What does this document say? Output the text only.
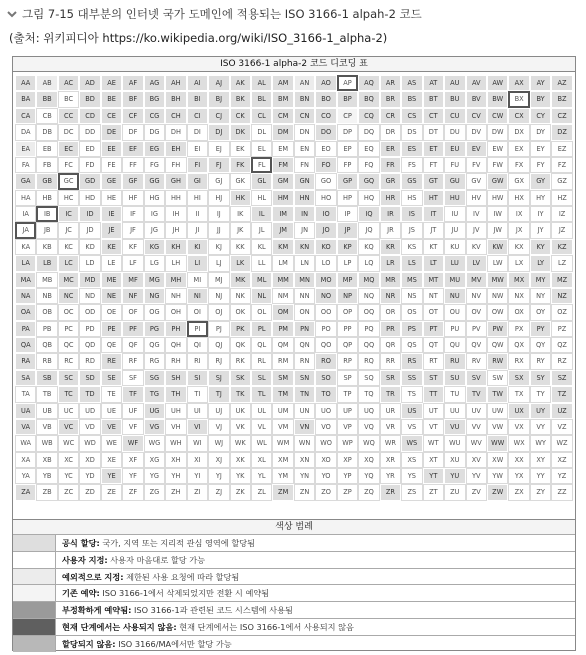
그림 7-15 대부분의 인터넷 국가 도메인에 적용되는 ISO 3166-1 alpah-2 코드
(출처: 위키피디아 https://ko.wikipedia.org/wiki/ISO_3166-1_alpha-2)
ISO 3166-1 alpha-2 코드 디코딩 표
AA	AB	AC	AD	AE	AF	AG	AH	AI	AJ	AK	AL	AM	AN	AO	AP	AQ	AR	AS	AT	AU	AV	AW	AX	AY	AZ
BA	BB	BC	BD	BE	BF	BG	BH	BI	BJ	BK	BL	BM	BN	BO	BP	BQ	BR	BS	BT	BU	BV	BW	BX	BY	BZ
CA	CB	CC	CD	CE	CF	CG	CH	CI	CJ	CK	CL	CM	CN	CO	CP	CQ	CR	CS	CT	CU	CV	CW	CX	CY	CZ
DA	DB	DC	DD	DE	DF	DG	DH	DI	DJ	DK	DL	DM	DN	DO	DP	DQ	DR	DS	DT	DU	DV	DW	DX	DY	DZ
EA	EB	EC	ED	EE	EF	EG	EH	EI	EJ	EK	EL	EM	EN	EO	EP	EQ	ER	ES	ET	EU	EV	EW	EX	EY	EZ
FA	FB	FC	FD	FE	FF	FG	FH	FI	FJ	FK	FL	FM	FN	FO	FP	FQ	FR	FS	FT	FU	FV	FW	FX	FY	FZ
GA	GB	GC	GD	GE	GF	GG	GH	GI	GJ	GK	GL	GM	GN	GO	GP	GQ	GR	GS	GT	GU	GV	GW	GX	GY	GZ
HA	HB	HC	HD	HE	HF	HG	HH	HI	HJ	HK	HL	HM	HN	HO	HP	HQ	HR	HS	HT	HU	HV	HW	HX	HY	HZ
IA	IB	IC	ID	IE	IF	IG	IH	II	IJ	IK	IL	IM	IN	IO	IP	IQ	IR	IS	IT	IU	IV	IW	IX	IY	IZ
JA	JB	JC	JD	JE	JF	JG	JH	JI	JJ	JK	JL	JM	JN	JO	JP	JQ	JR	JS	JT	JU	JV	JW	JX	JY	JZ
KA	KB	KC	KD	KE	KF	KG	KH	KI	KJ	KK	KL	KM	KN	KO	KP	KQ	KR	KS	KT	KU	KV	KW	KX	KY	KZ
LA	LB	LC	LD	LE	LF	LG	LH	LI	LJ	LK	LL	LM	LN	LO	LP	LQ	LR	LS	LT	LU	LV	LW	LX	LY	LZ
MA	MB	MC	MD	ME	MF	MG	MH	MI	MJ	MK	ML	MM	MN	MO	MP	MQ	MR	MS	MT	MU	MV	MW	MX	MY	MZ
NA	NB	NC	ND	NE	NF	NG	NH	NI	NJ	NK	NL	NM	NN	NO	NP	NQ	NR	NS	NT	NU	NV	NW	NX	NY	NZ
OA	OB	OC	OD	OE	OF	OG	OH	OI	OJ	OK	OL	OM	ON	OO	OP	OQ	OR	OS	OT	OU	OV	OW	OX	OY	OZ
PA	PB	PC	PD	PE	PF	PG	PH	PI	PJ	PK	PL	PM	PN	PO	PP	PQ	PR	PS	PT	PU	PV	PW	PX	PY	PZ
QA	QB	QC	QD	QE	QF	QG	QH	QI	QJ	QK	QL	QM	QN	QO	QP	QQ	QR	QS	QT	QU	QV	QW	QX	QY	QZ
RA	RB	RC	RD	RE	RF	RG	RH	RI	RJ	RK	RL	RM	RN	RO	RP	RQ	RR	RS	RT	RU	RV	RW	RX	RY	RZ
SA	SB	SC	SD	SE	SF	SG	SH	SI	SJ	SK	SL	SM	SN	SO	SP	SQ	SR	SS	ST	SU	SV	SW	SX	SY	SZ
TA	TB	TC	TD	TE	TF	TG	TH	TI	TJ	TK	TL	TM	TN	TO	TP	TQ	TR	TS	TT	TU	TV	TW	TX	TY	TZ
UA	UB	UC	UD	UE	UF	UG	UH	UI	UJ	UK	UL	UM	UN	UO	UP	UQ	UR	US	UT	UU	UV	UW	UX	UY	UZ
VA	VB	VC	VD	VE	VF	VG	VH	VI	VJ	VK	VL	VM	VN	VO	VP	VQ	VR	VS	VT	VU	VV	VW	VX	VY	VZ
WA	WB	WC	WD	WE	WF	WG	WH	WI	WJ	WK	WL	WM	WN	WO	WP	WQ	WR	WS	WT	WU	WV	WW	WX	WY	WZ
XA	XB	XC	XD	XE	XF	XG	XH	XI	XJ	XK	XL	XM	XN	XO	XP	XQ	XR	XS	XT	XU	XV	XW	XX	XY	XZ
YA	YB	YC	YD	YE	YF	YG	YH	YI	YJ	YK	YL	YM	YN	YO	YP	YQ	YR	YS	YT	YU	YV	YW	YX	YY	YZ
ZA	ZB	ZC	ZD	ZE	ZF	ZG	ZH	ZI	ZJ	ZK	ZL	ZM	ZN	ZO	ZP	ZQ	ZR	ZS	ZT	ZU	ZV	ZW	ZX	ZY	ZZ
색상 범례
공식 할당: 국가, 지역 또는 지리적 관심 영역에 할당됨
사용자 지정: 사용자 마음대로 할당 가능
예외적으로 지정: 제한된 사용 요청에 따라 할당됨
기존 예약: ISO 3166-1에서 삭제되었지만 전환 시 예약됨
부정확하게 예약됨: ISO 3166-1과 관련된 코드 시스템에 사용됨
현재 단계에서는 사용되지 않음: 현재 단계에서는 ISO 3166-1에서 사용되지 않음
할당되지 않음: ISO 3166/MA에서만 할당 가능
